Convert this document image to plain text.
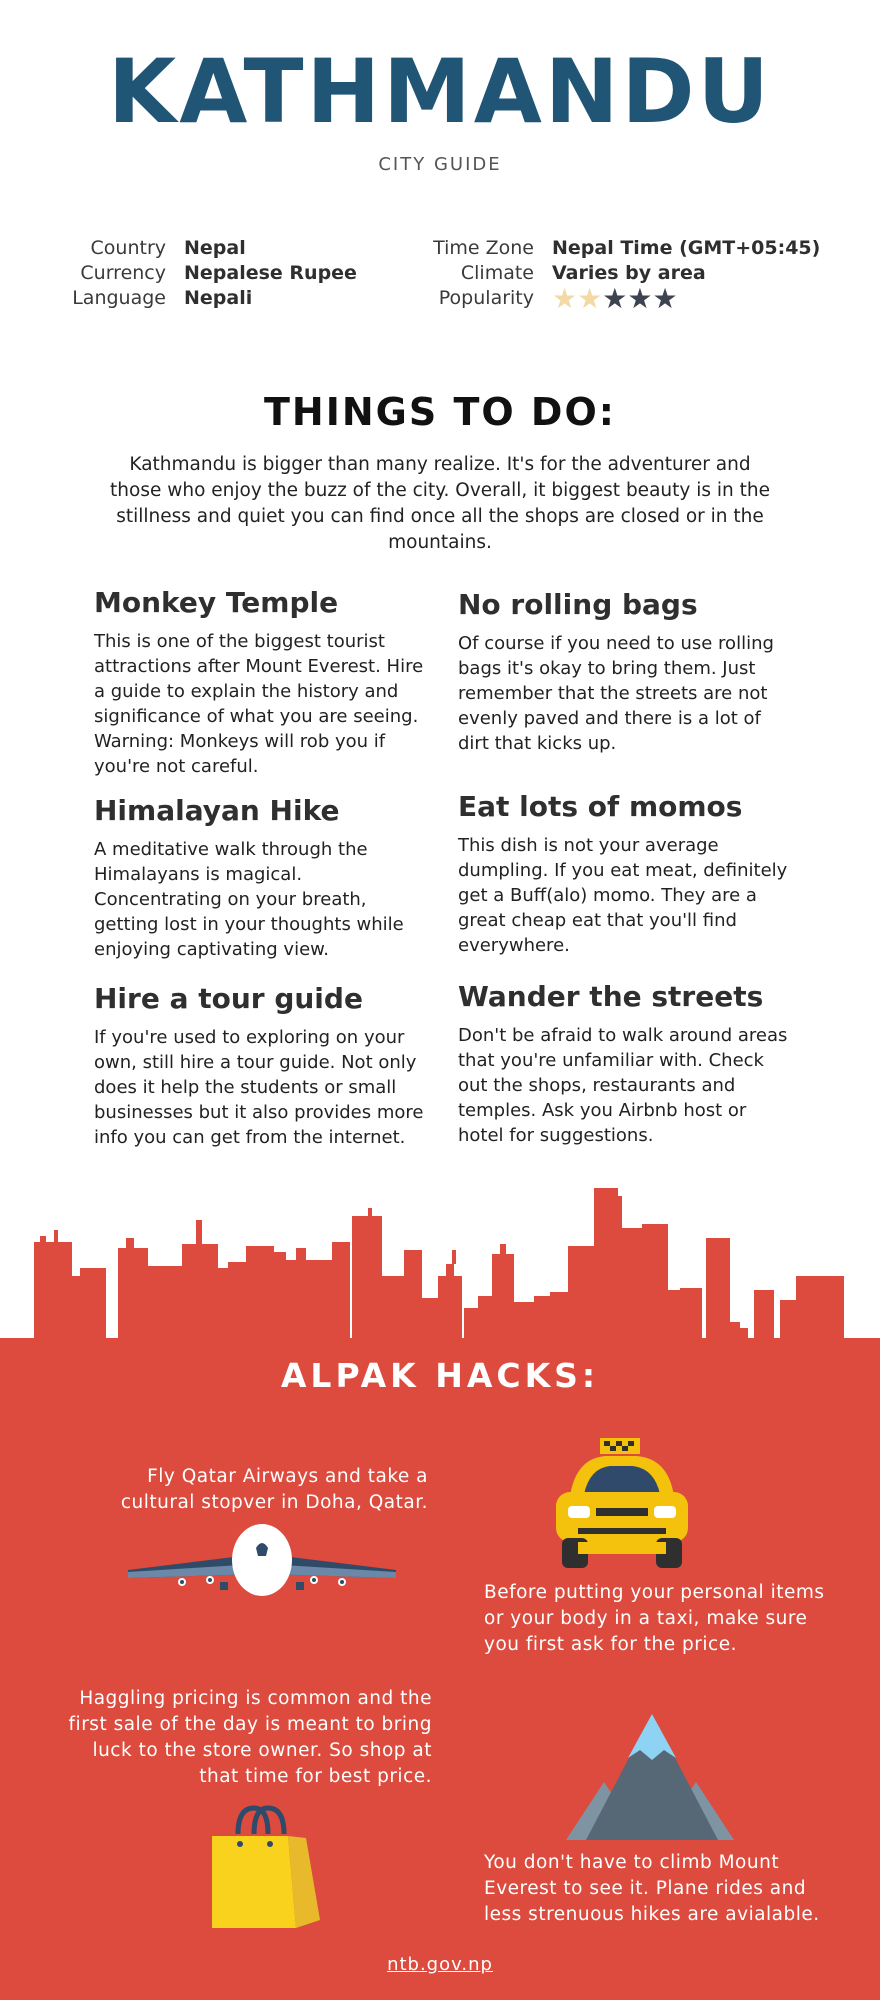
KATHMANDU
CITY GUIDE
Country Nepal
Currency Nepalese Rupee
Language Nepali
Time Zone Nepal Time (GMT+05:45)
Climate Varies by area
Popularity ★ ★ ★ ★ ★
THINGS TO DO:
Kathmandu is bigger than many realize. It's for the adventurer and those who enjoy the buzz of the city. Overall, it biggest beauty is in the stillness and quiet you can find once all the shops are closed or in the mountains.
Monkey Temple

This is one of the biggest tourist attractions after Mount Everest. Hire a guide to explain the history and significance of what you are seeing. Warning: Monkeys will rob you if you're not careful.

No rolling bags

Of course if you need to use rolling bags it's okay to bring them. Just remember that the streets are not evenly paved and there is a lot of dirt that kicks up.

Himalayan Hike

A meditative walk through the Himalayans is magical. Concentrating on your breath, getting lost in your thoughts while enjoying captivating view.

Eat lots of momos

This dish is not your average dumpling. If you eat meat, definitely get a Buff(alo) momo. They are a great cheap eat that you'll find everywhere.

Hire a tour guide

If you're used to exploring on your own, still hire a tour guide. Not only does it help the students or small businesses but it also provides more info you can get from the internet.

Wander the streets

Don't be afraid to walk around areas that you're unfamiliar with. Check out the shops, restaurants and temples. Ask you Airbnb host or hotel for suggestions.

ALPAK HACKS:
Fly Qatar Airways and take a cultural stopver in Doha, Qatar.
Before putting your personal items or your body in a taxi, make sure you first ask for the price.
Haggling pricing is common and the first sale of the day is meant to bring luck to the store owner. So shop at that time for best price.
You don't have to climb Mount Everest to see it. Plane rides and less strenuous hikes are avialable.
ntb.gov.np
